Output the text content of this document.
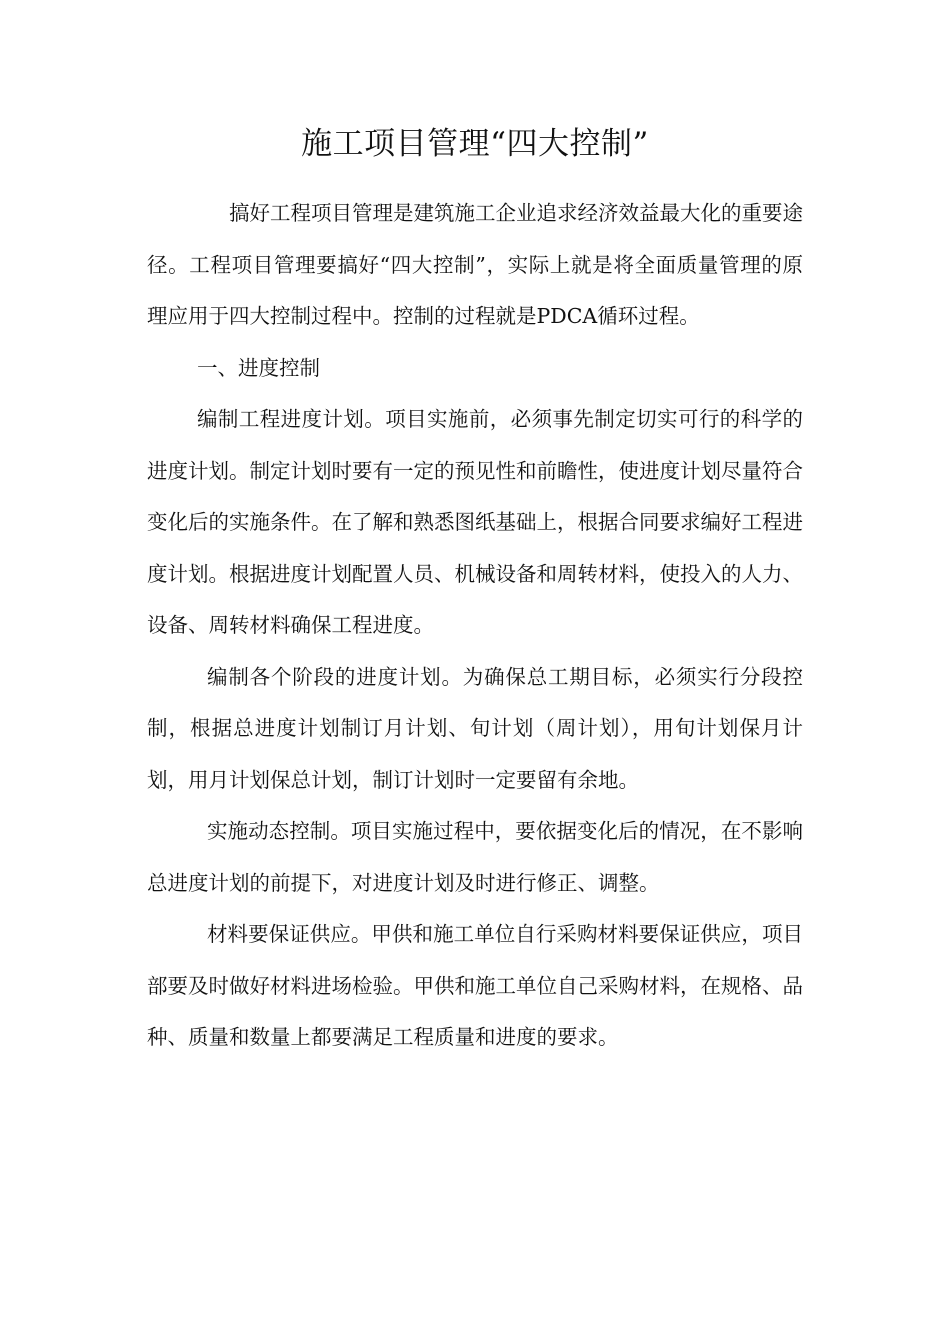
施工项目管理“四大控制”

搞好工程项目管理是建筑施工企业追求经济效益最大化的重要途径。工程项目管理要搞好“四大控制”，实际上就是将全面质量管理的原理应用于四大控制过程中。控制的过程就是PDCA循环过程。

一、进度控制

编制工程进度计划。项目实施前，必须事先制定切实可行的科学的进度计划。制定计划时要有一定的预见性和前瞻性，使进度计划尽量符合变化后的实施条件。在了解和熟悉图纸基础上，根据合同要求编好工程进度计划。根据进度计划配置人员、机械设备和周转材料，使投入的人力、设备、周转材料确保工程进度。

编制各个阶段的进度计划。为确保总工期目标，必须实行分段控制，根据总进度计划制订月计划、旬计划（周计划），用旬计划保月计划，用月计划保总计划，制订计划时一定要留有余地。

实施动态控制。项目实施过程中，要依据变化后的情况，在不影响总进度计划的前提下，对进度计划及时进行修正、调整。

材料要保证供应。甲供和施工单位自行采购材料要保证供应，项目部要及时做好材料进场检验。甲供和施工单位自己采购材料，在规格、品种、质量和数量上都要满足工程质量和进度的要求。
